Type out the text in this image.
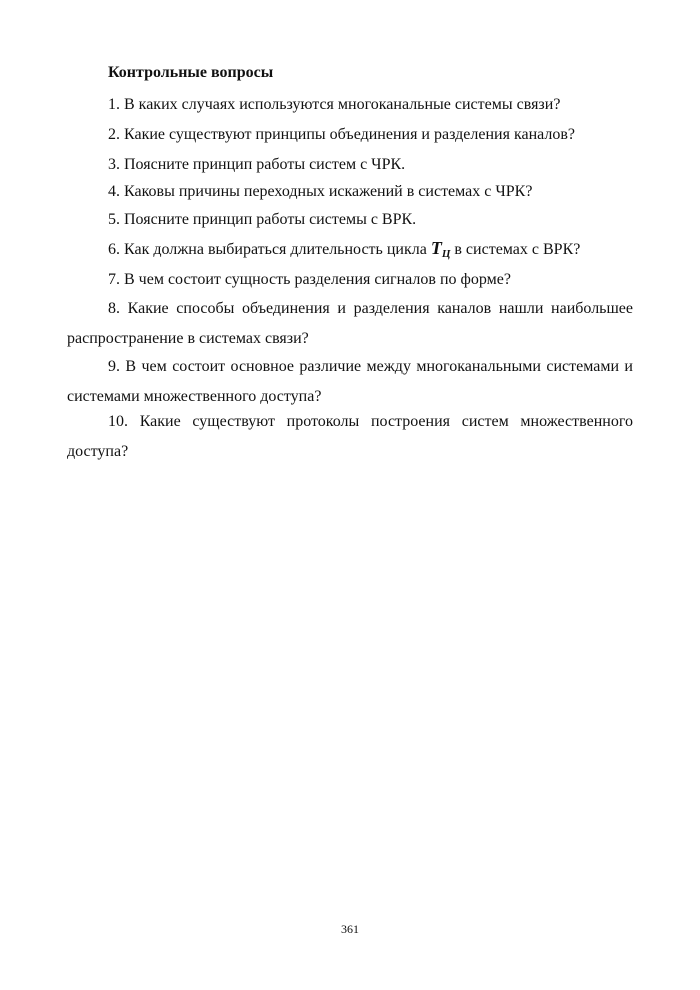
Контрольные вопросы
1. В каких случаях используются многоканальные системы связи?
2. Какие существуют принципы объединения и разделения каналов?
3. Поясните принцип работы систем с ЧРК.
4. Каковы причины переходных искажений в системах с ЧРК?
5. Поясните принцип работы системы с ВРК.
6. Как должна выбираться длительность цикла $T_Ц$ в системах с ВРК?
7. В чем состоит сущность разделения сигналов по форме?
8. Какие способы объединения и разделения каналов нашли наибольшее распространение в системах связи?
9. В чем состоит основное различие между многоканальными системами и системами множественного доступа?
10. Какие существуют протоколы построения систем множественного доступа?
361
